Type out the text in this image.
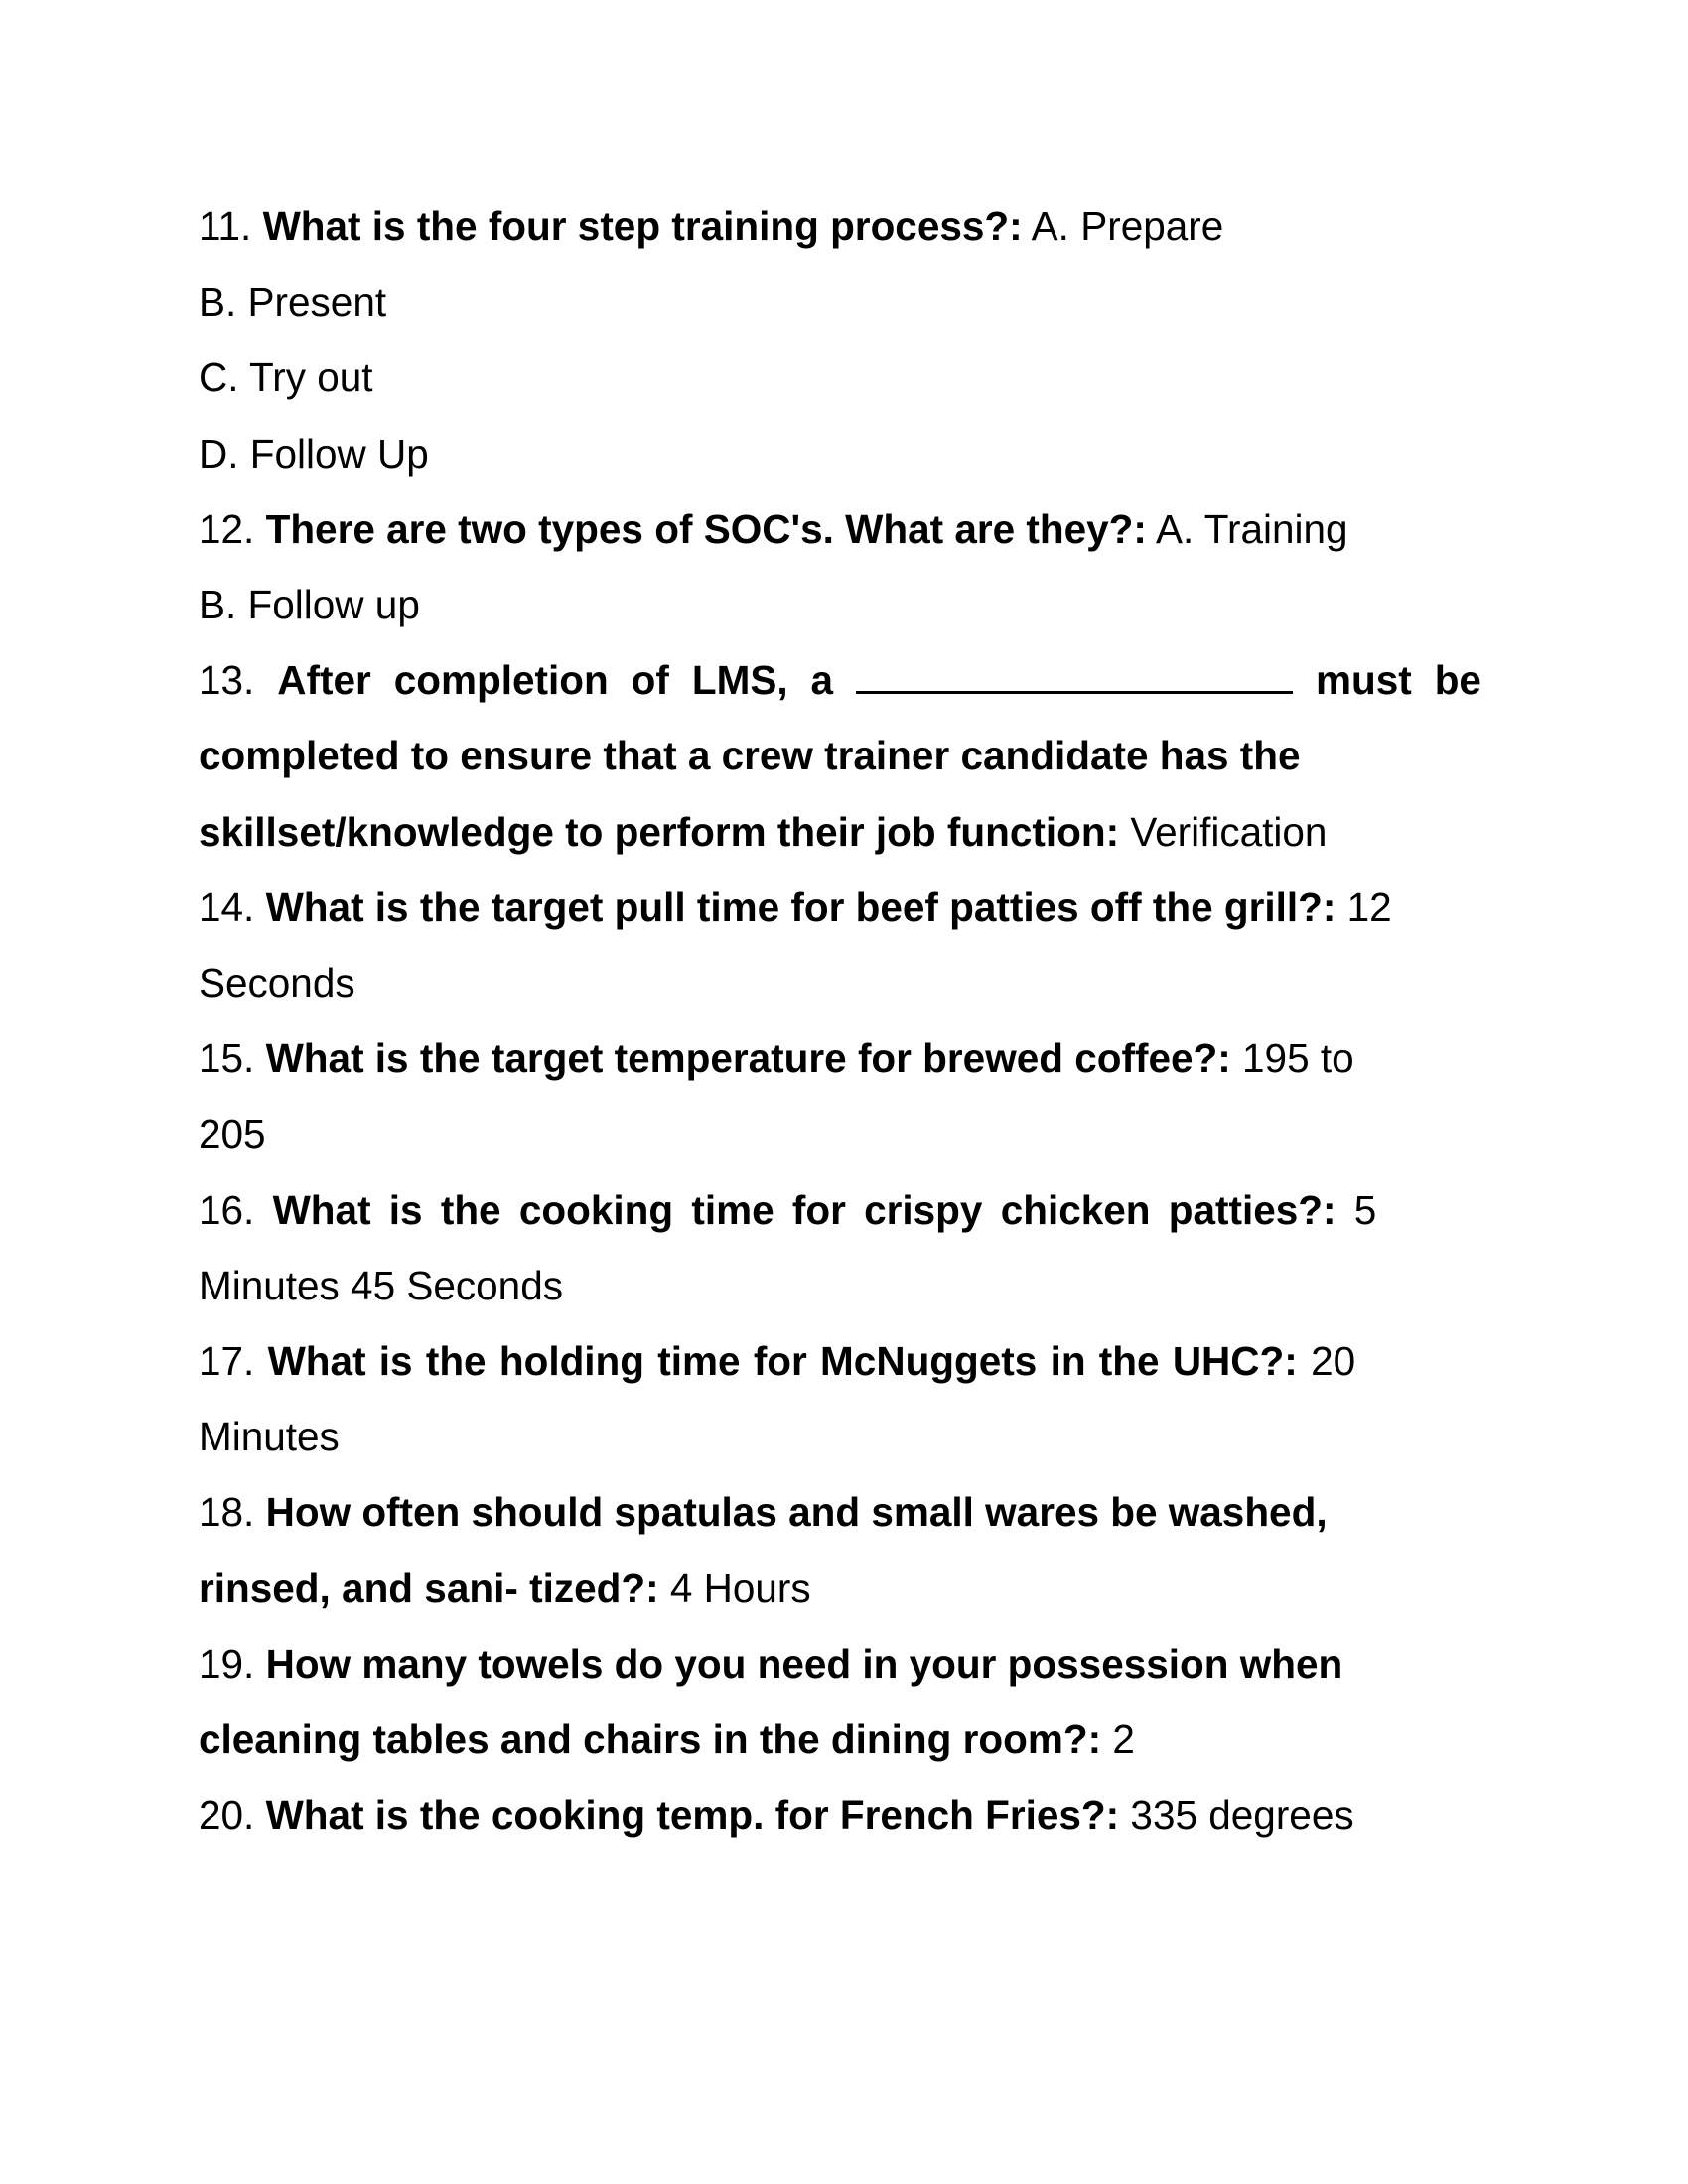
11. What is the four step training process?: A. Prepare
B. Present
C. Try out
D. Follow Up
12. There are two types of SOC's. What are they?: A. Training
B. Follow up
13. After completion of LMS, a	must be completed to ensure that a crew trainer candidate has the
skillset/knowledge to perform their job function: Verification
14. What is the target pull time for beef patties off the grill?: 12
Seconds
15. What is the target temperature for brewed coffee?: 195 to
205
16. What is the cooking time for crispy chicken patties?: 5
Minutes 45 Seconds
17. What is the holding time for McNuggets in the UHC?: 20
Minutes
18. How often should spatulas and small wares be washed,
rinsed, and sani- tized?: 4 Hours
19. How many towels do you need in your possession when
cleaning tables and chairs in the dining room?: 2
20. What is the cooking temp. for French Fries?: 335 degrees
